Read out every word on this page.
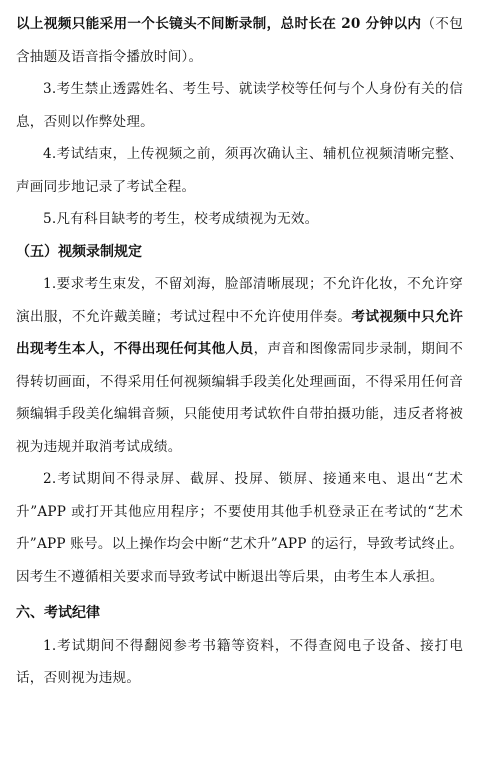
以上视频只能采用一个长镜头不间断录制，总时长在 20 分钟以内（不包含抽题及语音指令播放时间）。

3.考生禁止透露姓名、考生号、就读学校等任何与个人身份有关的信息，否则以作弊处理。

4.考试结束，上传视频之前，须再次确认主、辅机位视频清晰完整、声画同步地记录了考试全程。

5.凡有科目缺考的考生，校考成绩视为无效。

（五）视频录制规定

1.要求考生束发，不留刘海，脸部清晰展现；不允许化妆，不允许穿演出服，不允许戴美瞳；考试过程中不允许使用伴奏。考试视频中只允许出现考生本人，不得出现任何其他人员，声音和图像需同步录制，期间不得转切画面，不得采用任何视频编辑手段美化处理画面，不得采用任何音频编辑手段美化编辑音频，只能使用考试软件自带拍摄功能，违反者将被视为违规并取消考试成绩。

2.考试期间不得录屏、截屏、投屏、锁屏、接通来电、退出“艺术升”APP 或打开其他应用程序；不要使用其他手机登录正在考试的“艺术升”APP 账号。以上操作均会中断“艺术升”APP 的运行，导致考试终止。因考生不遵循相关要求而导致考试中断退出等后果，由考生本人承担。

六、考试纪律

1.考试期间不得翻阅参考书籍等资料，不得查阅电子设备、接打电话，否则视为违规。
